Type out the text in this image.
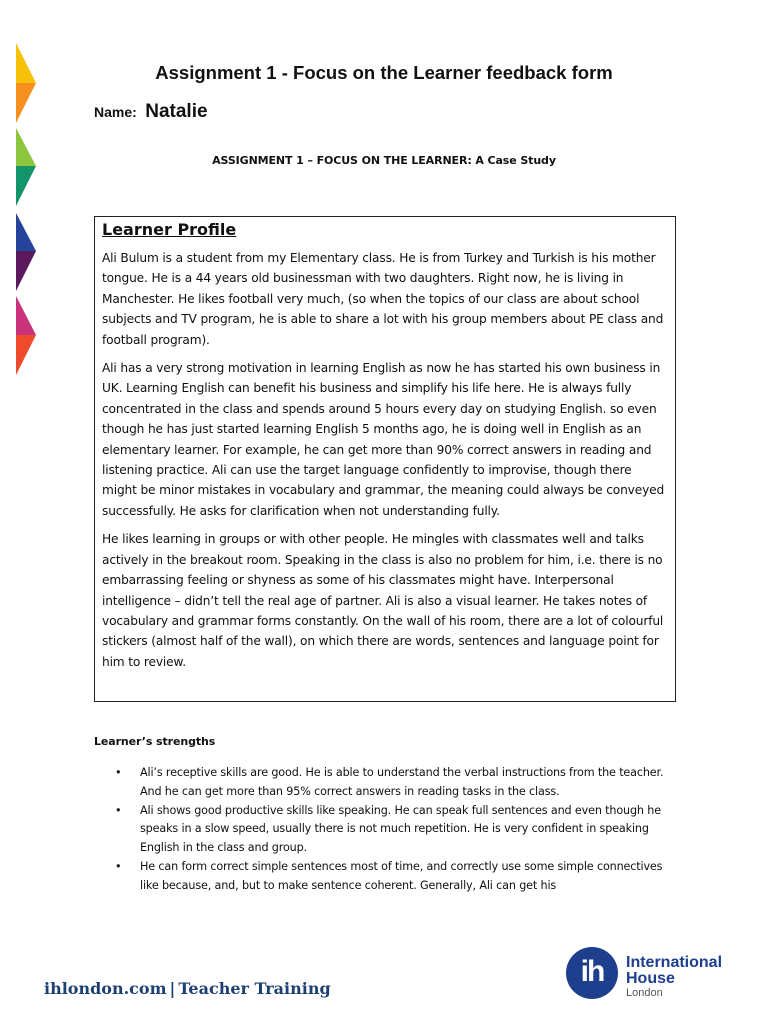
Assignment 1 - Focus on the Learner feedback form
Name: Natalie
ASSIGNMENT 1 – FOCUS ON THE LEARNER: A Case Study
Learner Profile

Ali Bulum is a student from my Elementary class. He is from Turkey and Turkish is his mother tongue. He is a 44 years old businessman with two daughters. Right now, he is living in Manchester. He likes football very much, (so when the topics of our class are about school subjects and TV program, he is able to share a lot with his group members about PE class and football program).

Ali has a very strong motivation in learning English as now he has started his own business in UK. Learning English can benefit his business and simplify his life here. He is always fully concentrated in the class and spends around 5 hours every day on studying English. so even though he has just started learning English 5 months ago, he is doing well in English as an elementary learner. For example, he can get more than 90% correct answers in reading and listening practice. Ali can use the target language confidently to improvise, though there might be minor mistakes in vocabulary and grammar, the meaning could always be conveyed successfully. He asks for clarification when not understanding fully.

He likes learning in groups or with other people. He mingles with classmates well and talks actively in the breakout room. Speaking in the class is also no problem for him, i.e. there is no embarrassing feeling or shyness as some of his classmates might have. Interpersonal intelligence – didn’t tell the real age of partner. Ali is also a visual learner. He takes notes of vocabulary and grammar forms constantly. On the wall of his room, there are a lot of colourful stickers (almost half of the wall), on which there are words, sentences and language point for him to review.

Learner’s strengths
• Ali’s receptive skills are good. He is able to understand the verbal instructions from the teacher. And he can get more than 95% correct answers in reading tasks in the class.
• Ali shows good productive skills like speaking. He can speak full sentences and even though he speaks in a slow speed, usually there is not much repetition. He is very confident in speaking English in the class and group.
• He can form correct simple sentences most of time, and correctly use some simple connectives like because, and, but to make sentence coherent. Generally, Ali can get his
ihlondon.com | Teacher Training
ih	International
House
London
